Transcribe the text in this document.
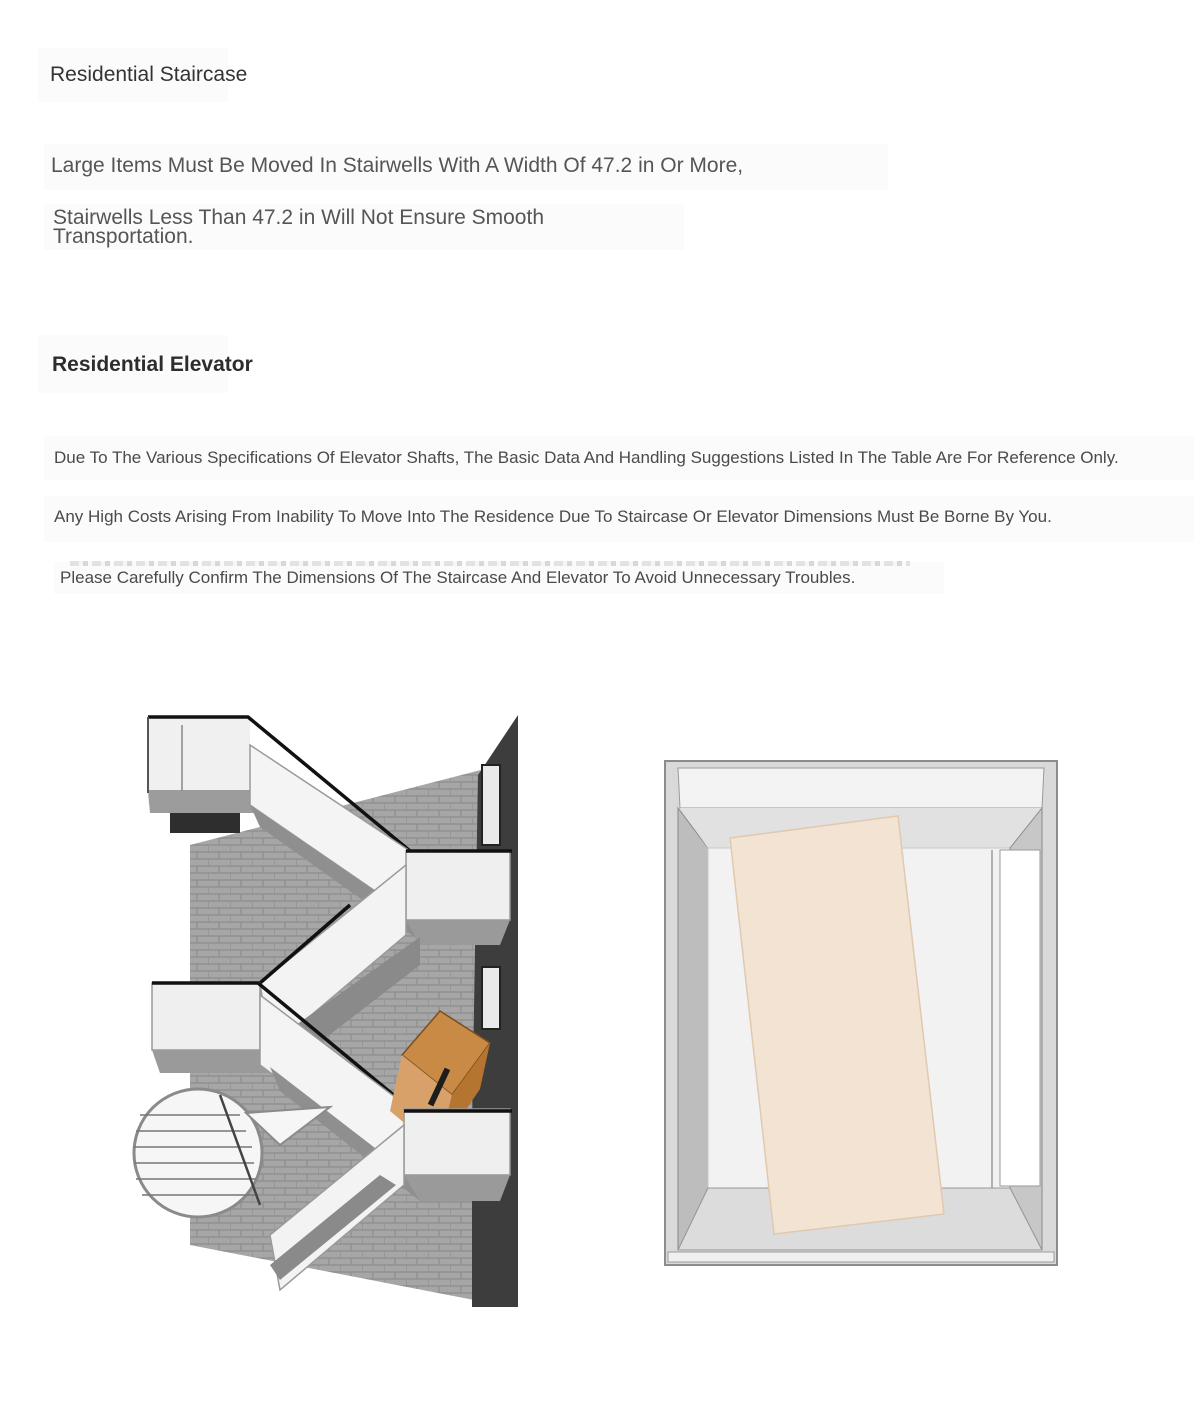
Residential Staircase
Large Items Must Be Moved In Stairwells With A Width Of 47.2 in Or More,
Stairwells Less Than 47.2 in Will Not Ensure Smooth Transportation.
Residential Elevator
Due To The Various Specifications Of Elevator Shafts, The Basic Data And Handling Suggestions Listed In The Table Are For Reference Only.
Any High Costs Arising From Inability To Move Into The Residence Due To Staircase Or Elevator Dimensions Must Be Borne By You.
Please Carefully Confirm The Dimensions Of The Staircase And Elevator To Avoid Unnecessary Troubles.
